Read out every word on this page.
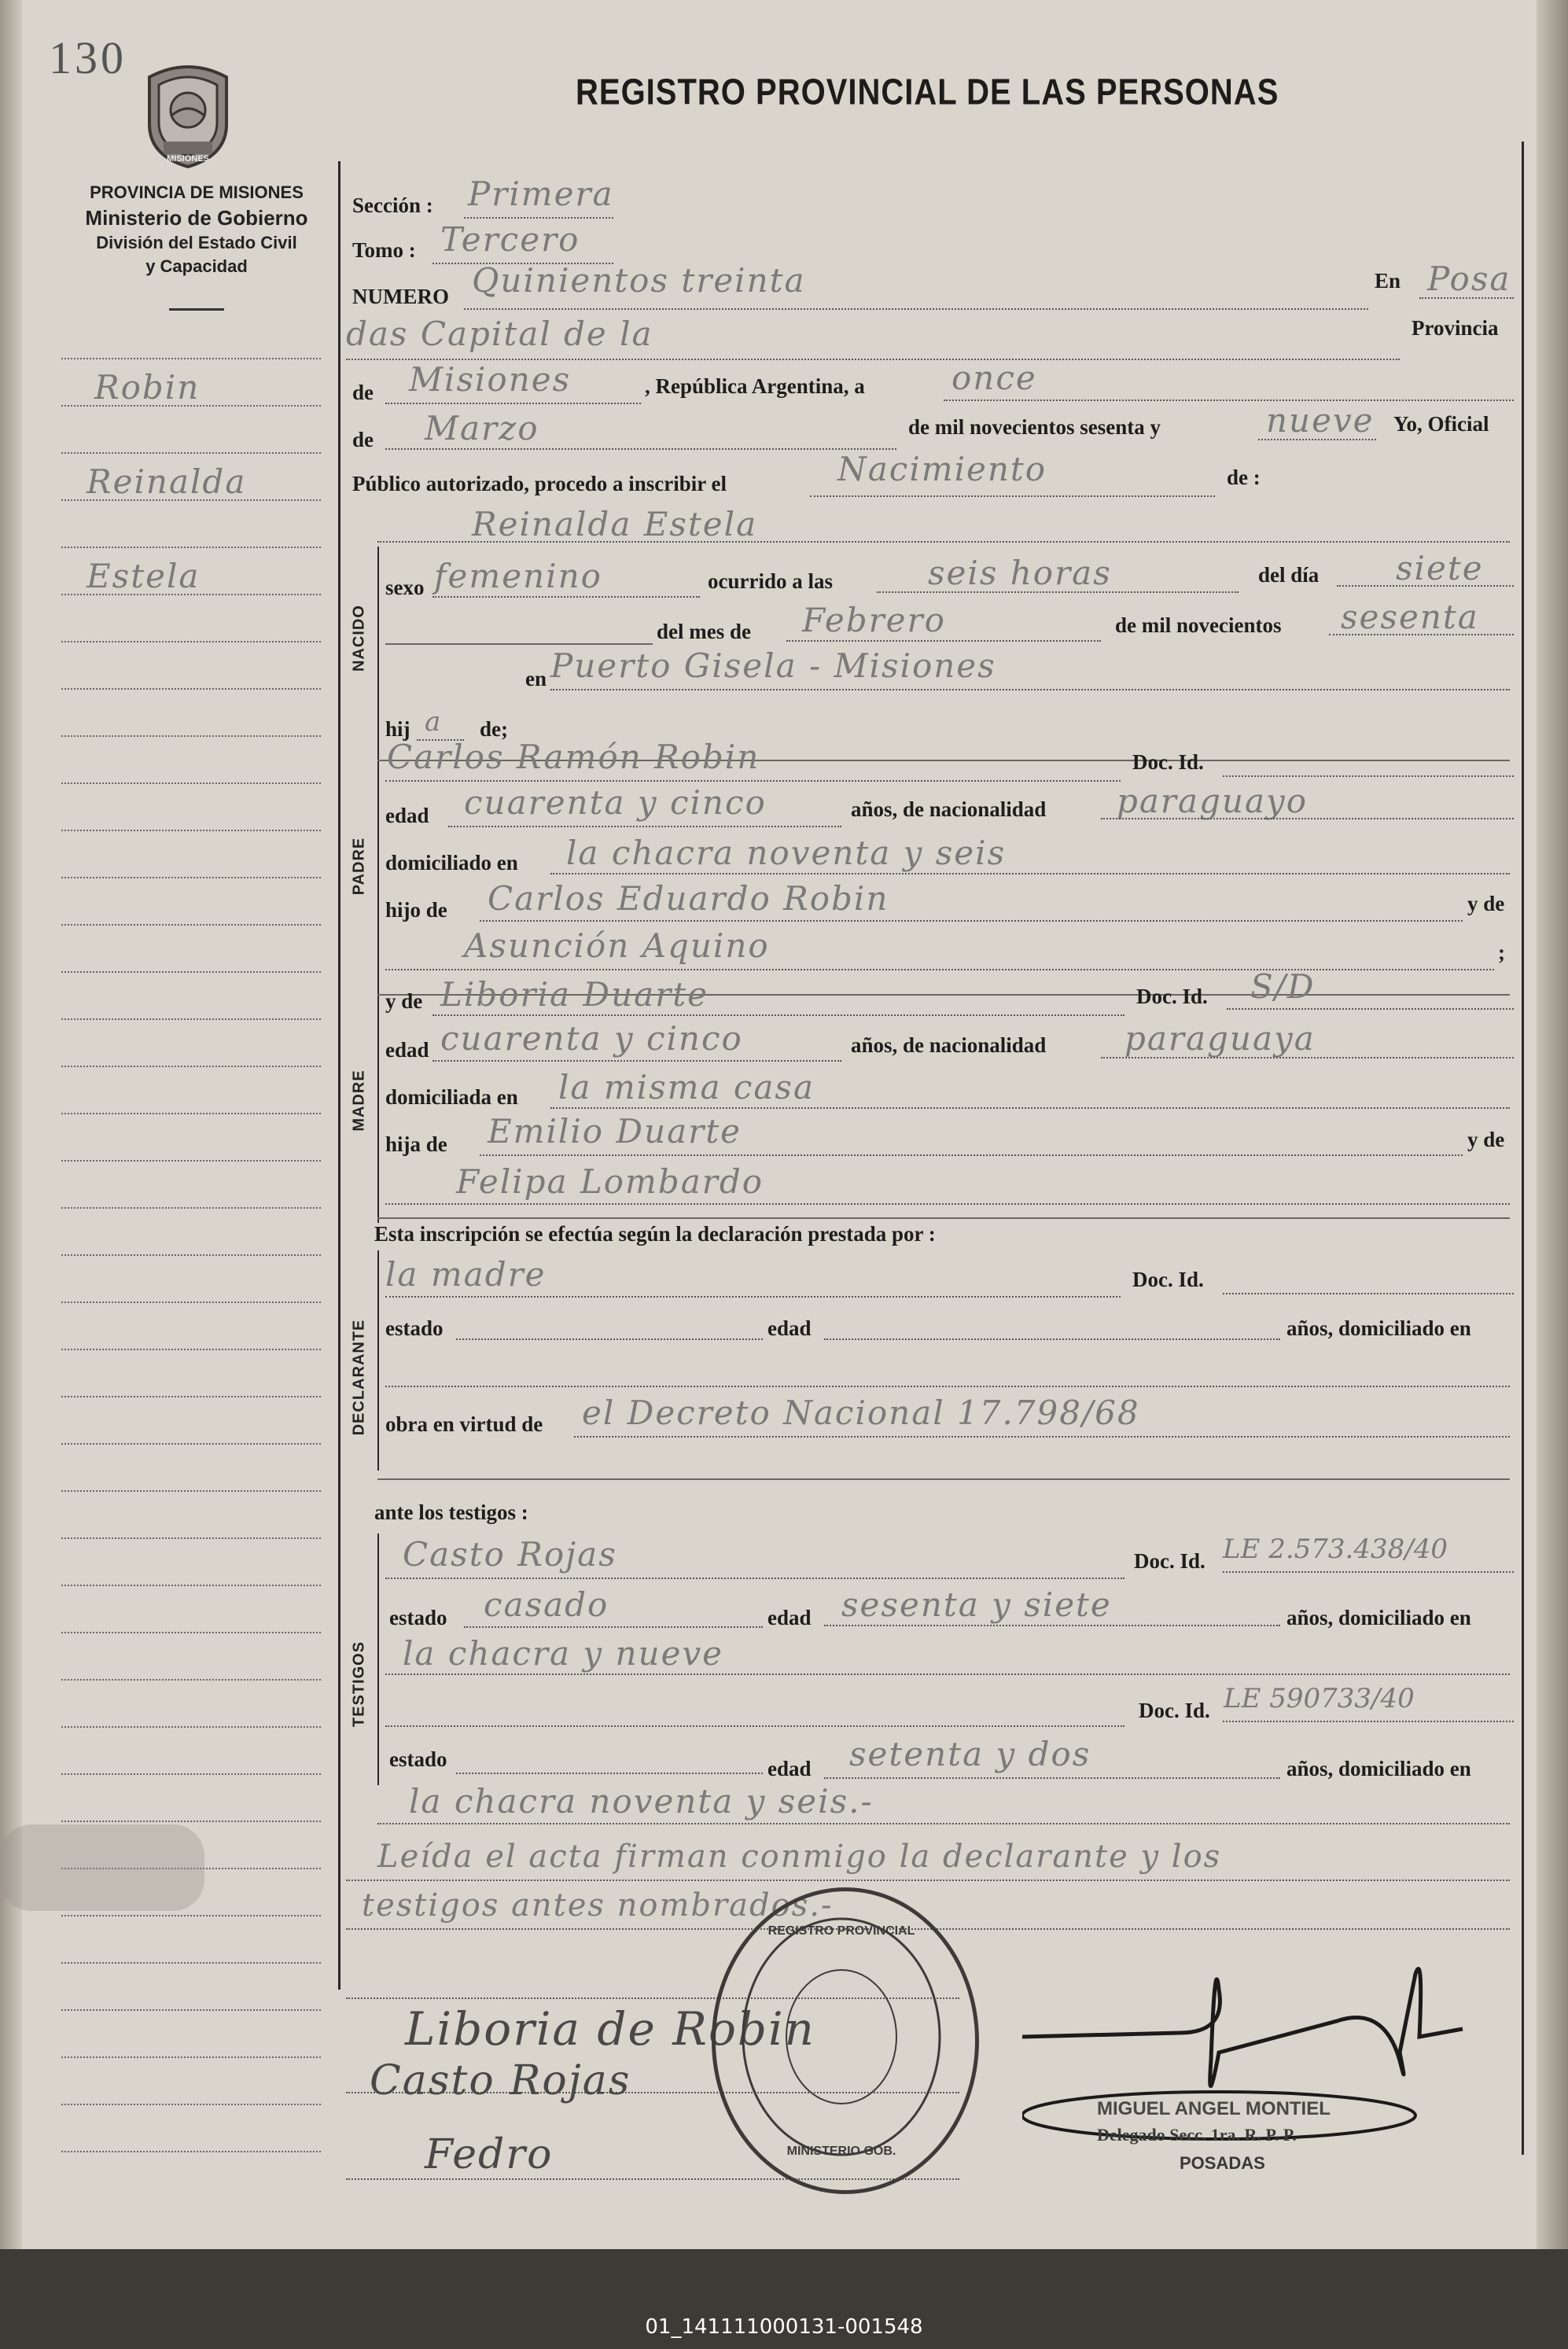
130
MISIONES
PROVINCIA DE MISIONES
Ministerio de Gobierno
División del Estado Civil
y Capacidad
REGISTRO PROVINCIAL DE LAS PERSONAS
Robin
Reinalda
Estela
Sección : Primera
Tomo : Tercero
NUMERO Quinientos treinta	En Posa
das Capital de la	Provincia
de Misiones	, República Argentina, a	once
de Marzo	de mil novecientos sesenta y	nueve Yo, Oficial
Público autorizado, procedo a inscribir el	Nacimiento	de :
Reinalda Estela
NACIDO
sexo femenino	ocurrido a las	seis horas	del día siete
del mes de Febrero	de mil novecientos sesenta
en Puerto Gisela - Misiones
hij a de;
PADRE
Carlos Ramón Robin	Doc. Id.
edad cuarenta y cinco	años, de nacionalidad paraguayo
domiciliado en la chacra noventa y seis
hijo de Carlos Eduardo Robin	y de
Asunción Aquino	;
MADRE
y de Liboria Duarte	Doc. Id. S/D
edad cuarenta y cinco	años, de nacionalidad paraguaya
domiciliada en la misma casa
hija de Emilio Duarte	y de
Felipa Lombardo
Esta inscripción se efectúa según la declaración prestada por :
DECLARANTE
la madre	Doc. Id.
estado	edad	años, domiciliado en
obra en virtud de el Decreto Nacional 17.798/68
ante los testigos :
TESTIGOS
Casto Rojas	Doc. Id. LE 2.573.438/40
estado casado	edad sesenta y siete	años, domiciliado en
la chacra y nueve
Doc. Id. LE 590733/40
estado	edad setenta y dos	años, domiciliado en
la chacra noventa y seis.-
Leída el acta firman conmigo la declarante y los
testigos antes nombrados.-
Liboria de Robin
Casto Rojas
Fedro
REGISTRO PROVINCIAL
MINISTERIO GOB.
MIGUEL ANGEL MONTIEL
Delegado Secc. 1ra. R. P. P.
POSADAS
01_141111000131-001548
